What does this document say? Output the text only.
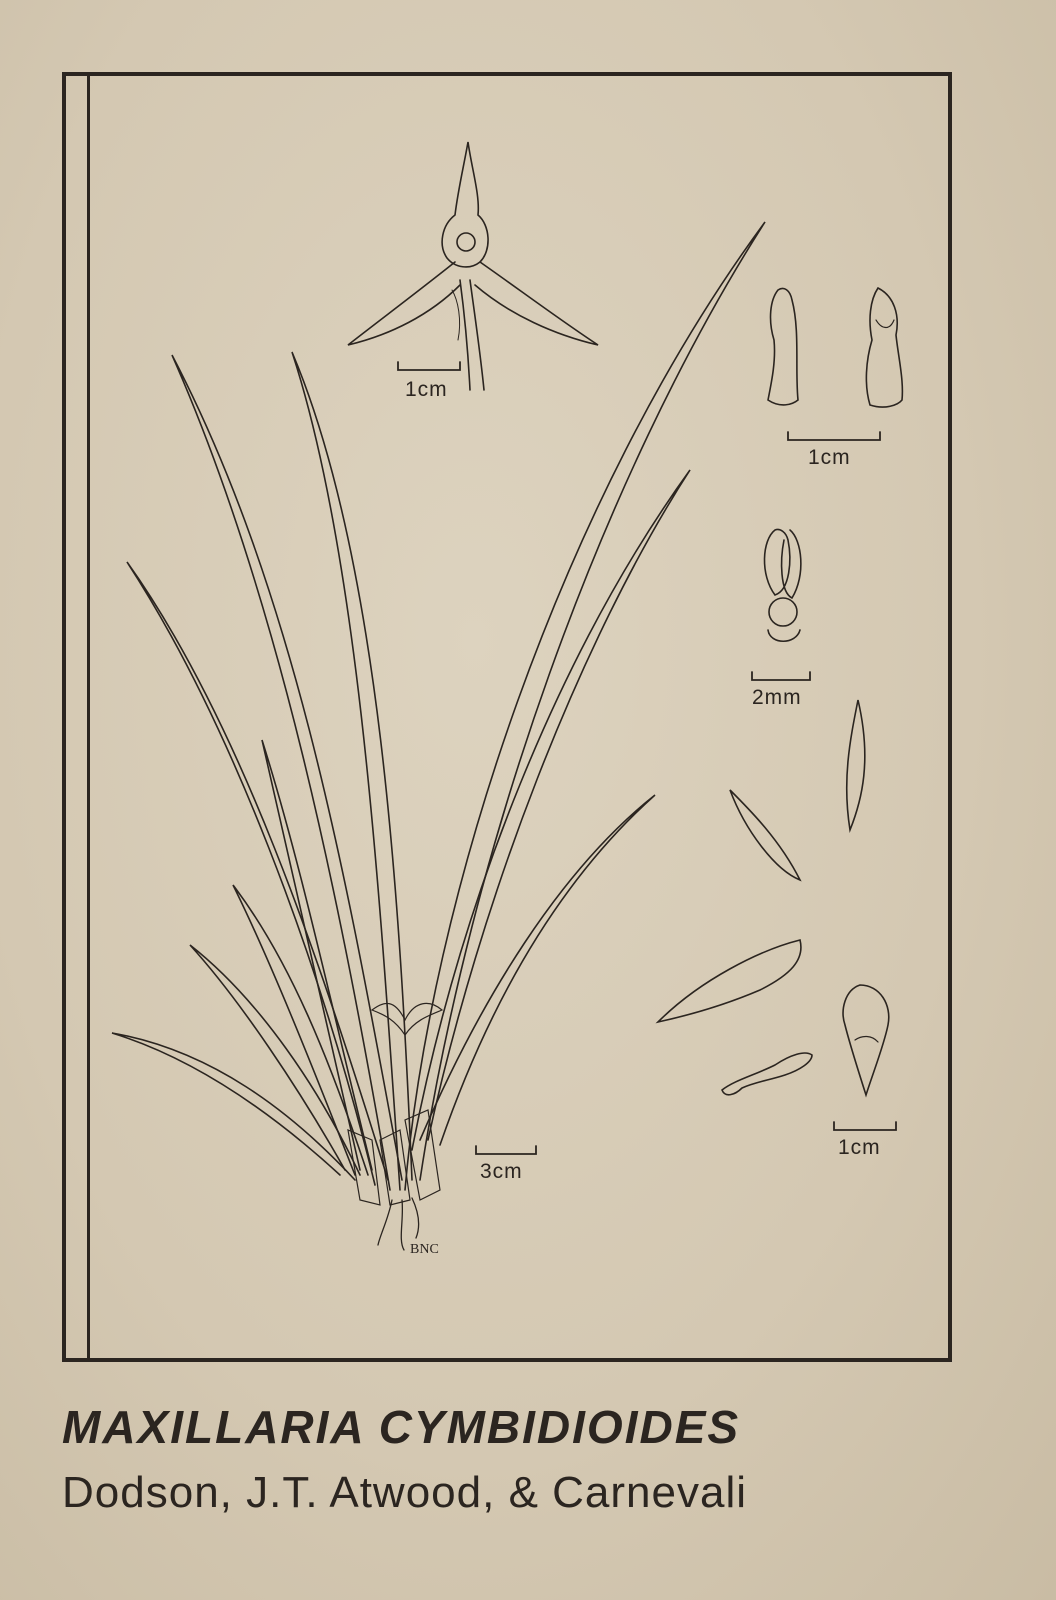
1cm
1cm
2mm
3cm
1cm
BNC
MAXILLARIA CYMBIDIOIDES
Dodson, J.T. Atwood, & Carnevali
